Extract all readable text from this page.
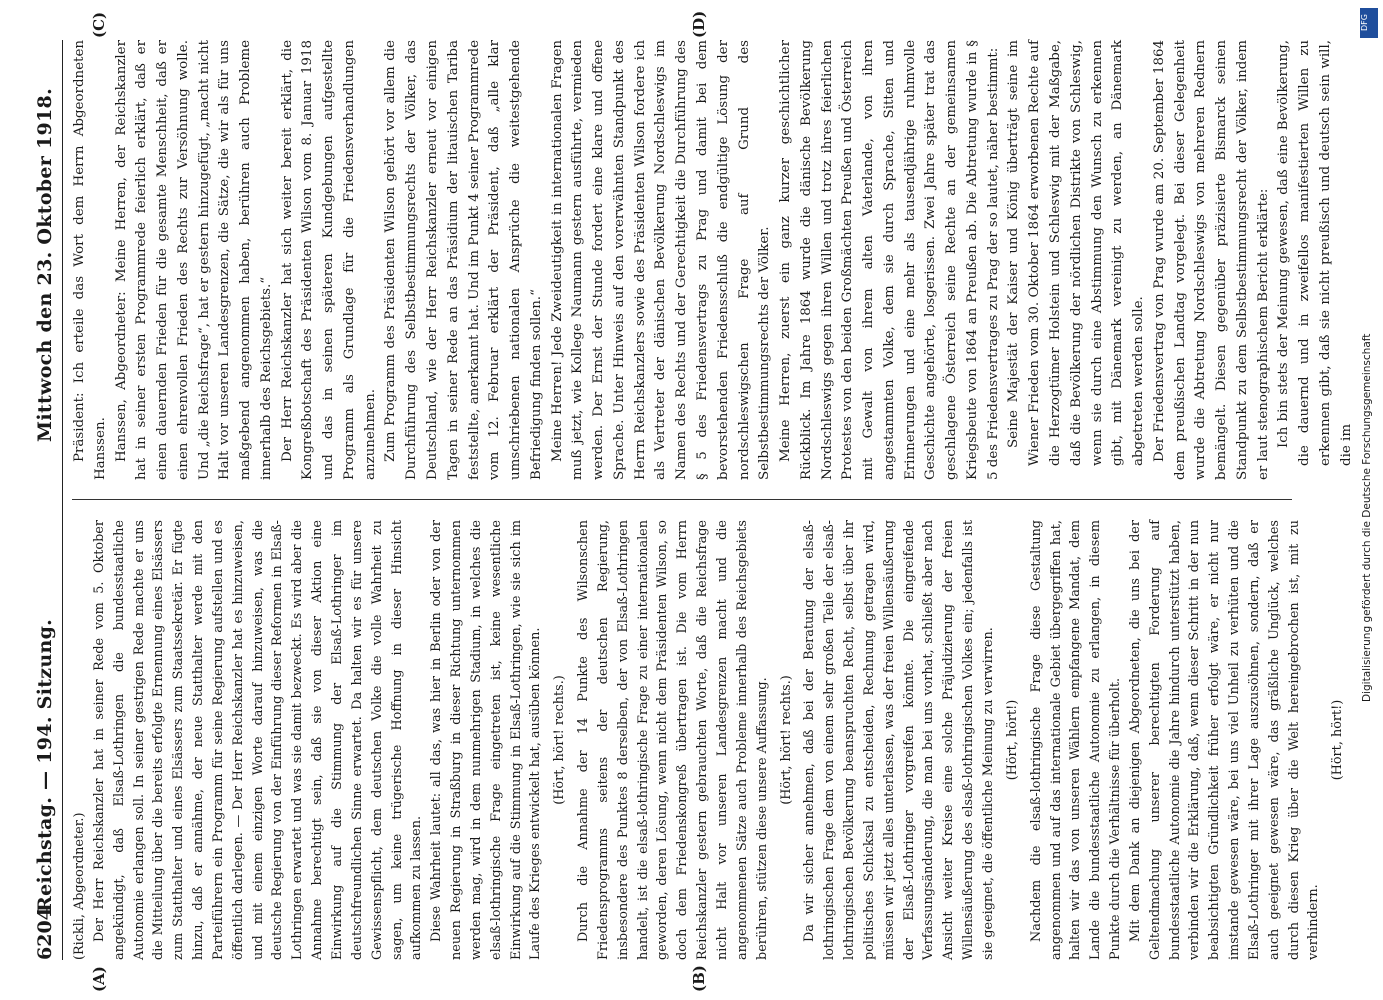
6204
Reichstag. — 194. Sitzung. Mittwoch den 23. Oktober 1918.
(A)	(B)
(C)	(D)

(Rickli, Abgeordneter.) Der Herr Reichskanzler hat in seiner Rede vom 5. Oktober angekündigt, daß Elsaß-Lothringen die bundesstaatliche Autonomie erlangen soll. In seiner gestrigen Rede machte er uns die Mitteilung über die bereits erfolgte Ernennung eines Elsässers zum Statthalter und eines Elsässers zum Staatssekretär. Er fügte hinzu, daß er annähme, der neue Statthalter werde mit den Parteiführern ein Programm für seine Regierung aufstellen und es öffentlich darlegen. — Der Herr Reichskanzler hat es hinzuweisen, und mit einem einzigen Worte darauf hinzuweisen, was die deutsche Regierung von der Einführung dieser Reformen in Elsaß-Lothringen erwartet und was sie damit bezweckt. Es wird aber die Annahme berechtigt sein, daß sie von dieser Aktion eine Einwirkung auf die Stimmung der Elsaß-Lothringer im deutschfreundlichen Sinne erwartet. Da halten wir es für unsere Gewissenspflicht, dem deutschen Volke die volle Wahrheit zu sagen, um keine trügerische Hoffnung in dieser Hinsicht aufkommen zu lassen. Diese Wahrheit lautet: all das, was hier in Berlin oder von der neuen Regierung in Straßburg in dieser Richtung unternommen werden mag, wird in dem nunmehrigen Stadium, in welches die elsaß-lothringische Frage eingetreten ist, keine wesentliche Einwirkung auf die Stimmung in Elsaß-Lothringen, wie sie sich im Laufe des Krieges entwickelt hat, ausüben können. (Hört, hört! rechts.) Durch die Annahme der 14 Punkte des Wilsonschen Friedensprogramms seitens der deutschen Regierung, insbesondere des Punktes 8 derselben, der von Elsaß-Lothringen handelt, ist die elsaß-lothringische Frage zu einer internationalen geworden, deren Lösung, wenn nicht dem Präsidenten Wilson, so doch dem Friedenskongreß übertragen ist. Die vom Herrn Reichskanzler gestern gebrauchten Worte, daß die Reichsfrage nicht Halt vor unseren Landesgrenzen macht und die angenommenen Sätze auch Probleme innerhalb des Reichsgebiets berühren, stützen diese unsere Auffassung. (Hört, hört! rechts.) Da wir sicher annehmen, daß bei der Beratung der elsaß-lothringischen Frage dem von einem sehr großen Teile der elsaß-lothringischen Bevölkerung beanspruchten Recht, selbst über ihr politisches Schicksal zu entscheiden, Rechnung getragen wird, müssen wir jetzt alles unterlassen, was der freien Willensäußerung der Elsaß-Lothringer vorgreifen könnte. Die eingreifende Verfassungsänderung, die man bei uns vorhat, schließt aber nach Ansicht weiter Kreise eine solche Präjudizierung der freien Willensäußerung des elsaß-lothringischen Volkes ein; jedenfalls ist sie geeignet, die öffentliche Meinung zu verwirren. (Hört, hört!) Nachdem die elsaß-lothringische Frage diese Gestaltung angenommen und auf das internationale Gebiet übergegriffen hat, halten wir das von unseren Wählern empfangene Mandat, dem Lande die bundesstaatliche Autonomie zu erlangen, in diesem Punkte durch die Verhältnisse für überholt. Mit dem Dank an diejenigen Abgeordneten, die uns bei der Geltendmachung unserer berechtigten Forderung auf bundesstaatliche Autonomie die Jahre hindurch unterstützt haben, verbinden wir die Erklärung, daß, wenn dieser Schritt in der nun beabsichtigten Gründlichkeit früher erfolgt wäre, er nicht nur imstande gewesen wäre, bei uns viel Unheil zu verhüten und die Elsaß-Lothringer mit ihrer Lage auszusöhnen, sondern, daß er auch geeignet gewesen wäre, das gräßliche Unglück, welches durch diesen Krieg über die Welt hereingebrochen ist, mit zu verhindern.

(Hört, hört!)

Präsident: Ich erteile das Wort dem Herrn Abgeordneten Hanssen. Hanssen, Abgeordneter: Meine Herren, der Reichskanzler hat in seiner ersten Programmrede feierlich erklärt, daß er einen dauernden Frieden für die gesamte Menschheit, daß er einen ehrenvollen Frieden des Rechts zur Versöhnung wolle. Und „die Reichsfrage“, hat er gestern hinzugefügt, „macht nicht Halt vor unseren Landesgrenzen, die Sätze, die wir als für uns maßgebend angenommen haben, berühren auch Probleme innerhalb des Reichsgebiets.“ Der Herr Reichskanzler hat sich weiter bereit erklärt, die Kongreßbotschaft des Präsidenten Wilson vom 8. Januar 1918 und das in seinen späteren Kundgebungen aufgestellte Programm als Grundlage für die Friedensverhandlungen anzunehmen. Zum Programm des Präsidenten Wilson gehört vor allem die Durchführung des Selbstbestimmungsrechts der Völker, das Deutschland, wie der Herr Reichskanzler erneut vor einigen Tagen in seiner Rede an das Präsidium der litauischen Tariba feststellte, anerkannt hat. Und im Punkt 4 seiner Programmrede vom 12. Februar erklärt der Präsident, daß „alle klar umschriebenen nationalen Ansprüche die weitestgehende Befriedigung finden sollen.“ Meine Herren! Jede Zweideutigkeit in internationalen Fragen muß jetzt, wie Kollege Naumann gestern ausführte, vermieden werden. Der Ernst der Stunde fordert eine klare und offene Sprache. Unter Hinweis auf den vorerwähnten Standpunkt des Herrn Reichskanzlers sowie des Präsidenten Wilson fordere ich als Vertreter der dänischen Bevölkerung Nordschleswigs im Namen des Rechts und der Gerechtigkeit die Durchführung des § 5 des Friedensvertrags zu Prag und damit bei dem bevorstehenden Friedensschluß die endgültige Lösung der nordschleswigschen Frage auf Grund des Selbstbestimmungsrechts der Völker. Meine Herren, zuerst ein ganz kurzer geschichtlicher Rückblick. Im Jahre 1864 wurde die dänische Bevölkerung Nordschleswigs gegen ihren Willen und trotz ihres feierlichen Protestes von den beiden Großmächten Preußen und Österreich mit Gewalt von ihrem alten Vaterlande, von ihren angestammten Volke, dem sie durch Sprache, Sitten und Erinnerungen und eine mehr als tausendjährige ruhmvolle Geschichte angehörte, losgerissen. Zwei Jahre später trat das geschlagene Österreich seine Rechte an der gemeinsamen Kriegsbeute von 1864 an Preußen ab. Die Abtretung wurde in § 5 des Friedensvertrages zu Prag der so lautet, näher bestimmt: Seine Majestät der Kaiser und König überträgt seine im Wiener Frieden vom 30. Oktober 1864 erworbenen Rechte auf die Herzogtümer Holstein und Schleswig mit der Maßgabe, daß die Bevölkerung der nördlichen Distrikte von Schleswig, wenn sie durch eine Abstimmung den Wunsch zu erkennen gibt, mit Dänemark vereinigt zu werden, an Dänemark abgetreten werden solle. Der Friedensvertrag von Prag wurde am 20. September 1864 dem preußischen Landtag vorgelegt. Bei dieser Gelegenheit wurde die Abtretung Nordschleswigs von mehreren Rednern bemängelt. Diesen gegenüber präzisierte Bismarck seinen Standpunkt zu dem Selbstbestimmungsrecht der Völker, indem er laut stenographischem Bericht erklärte: Ich bin stets der Meinung gewesen, daß eine Bevölkerung, die dauernd und in zweifellos manifestierten Willen zu erkennen gibt, daß sie nicht preußisch und deutsch sein will, die im

DFG
Digitalisierung gefördert durch die Deutsche Forschungsgemeinschaft
